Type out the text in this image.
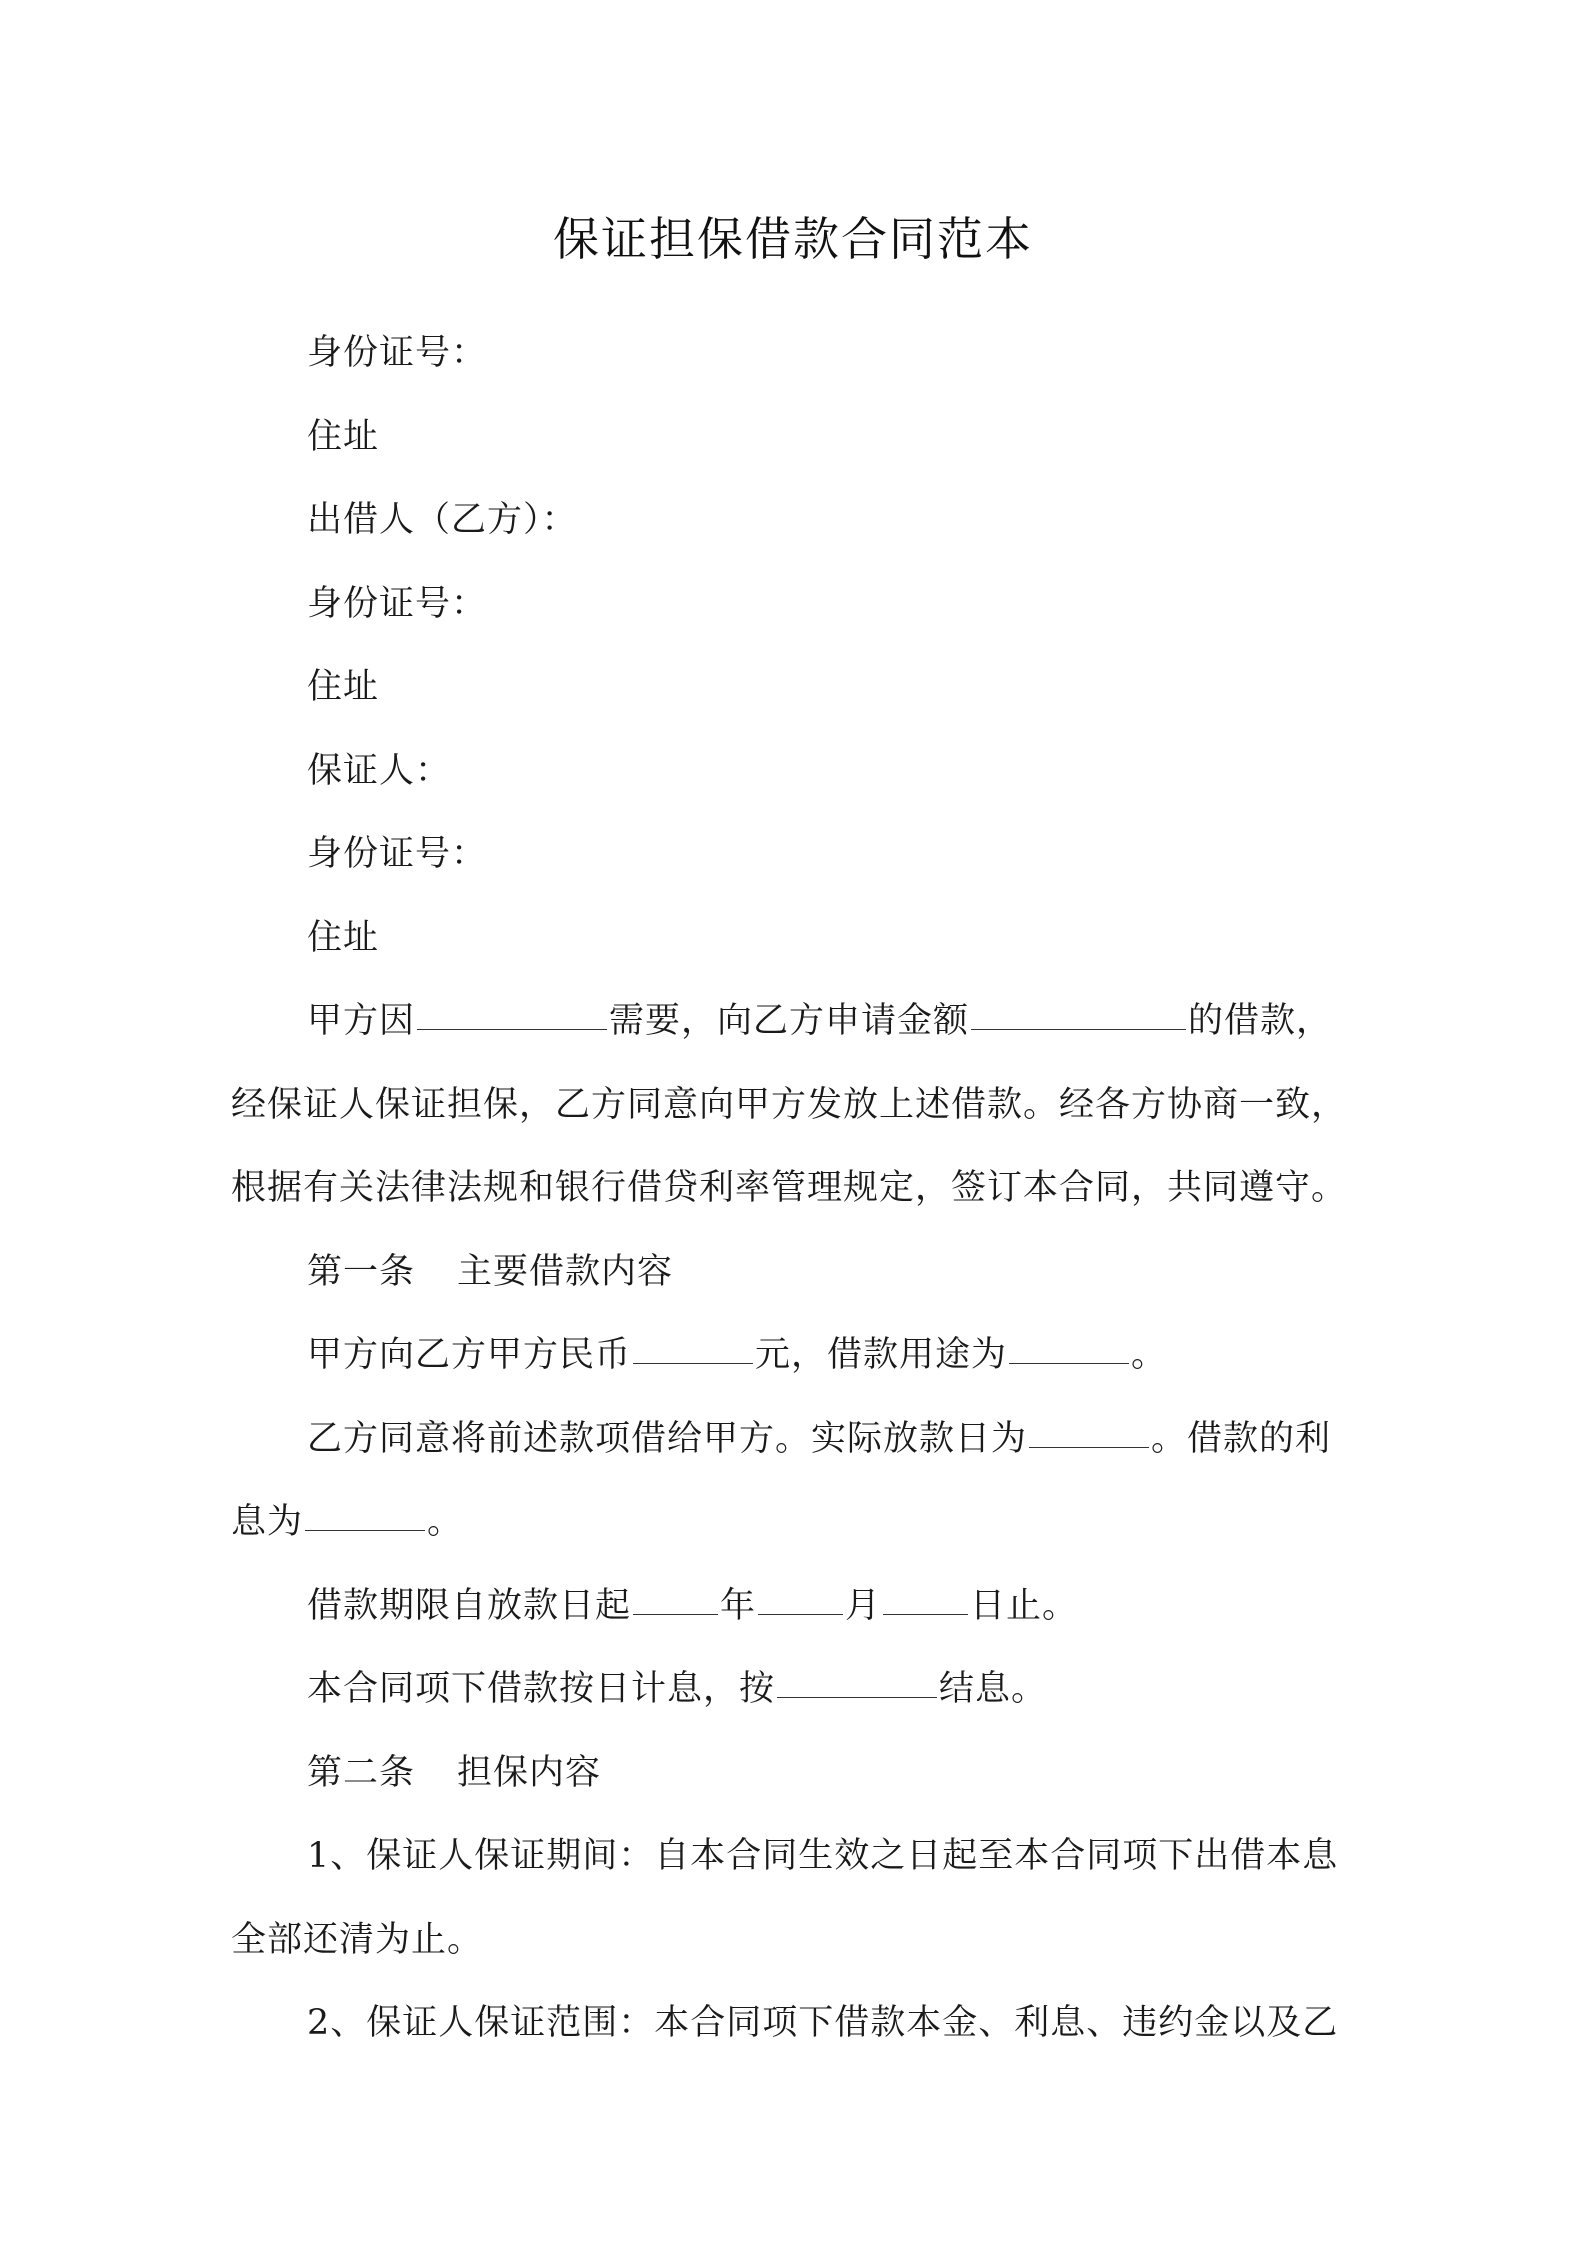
保证担保借款合同范本

身份证号：

住址

出借人（乙方）：

身份证号：

住址

保证人：

身份证号：

住址

甲方因	需要，向乙方申请金额	的借款，

经保证人保证担保，乙方同意向甲方发放上述借款。经各方协商一致，

根据有关法律法规和银行借贷利率管理规定，签订本合同，共同遵守。

第一条 主要借款内容

甲方向乙方甲方民币	元，借款用途为	。

乙方同意将前述款项借给甲方。实际放款日为	。借款的利

息为	。

借款期限自放款日起	年	月	日止。

本合同项下借款按日计息，按	结息。

第二条 担保内容

1、保证人保证期间：自本合同生效之日起至本合同项下出借本息

全部还清为止。

2、保证人保证范围：本合同项下借款本金、利息、违约金以及乙
